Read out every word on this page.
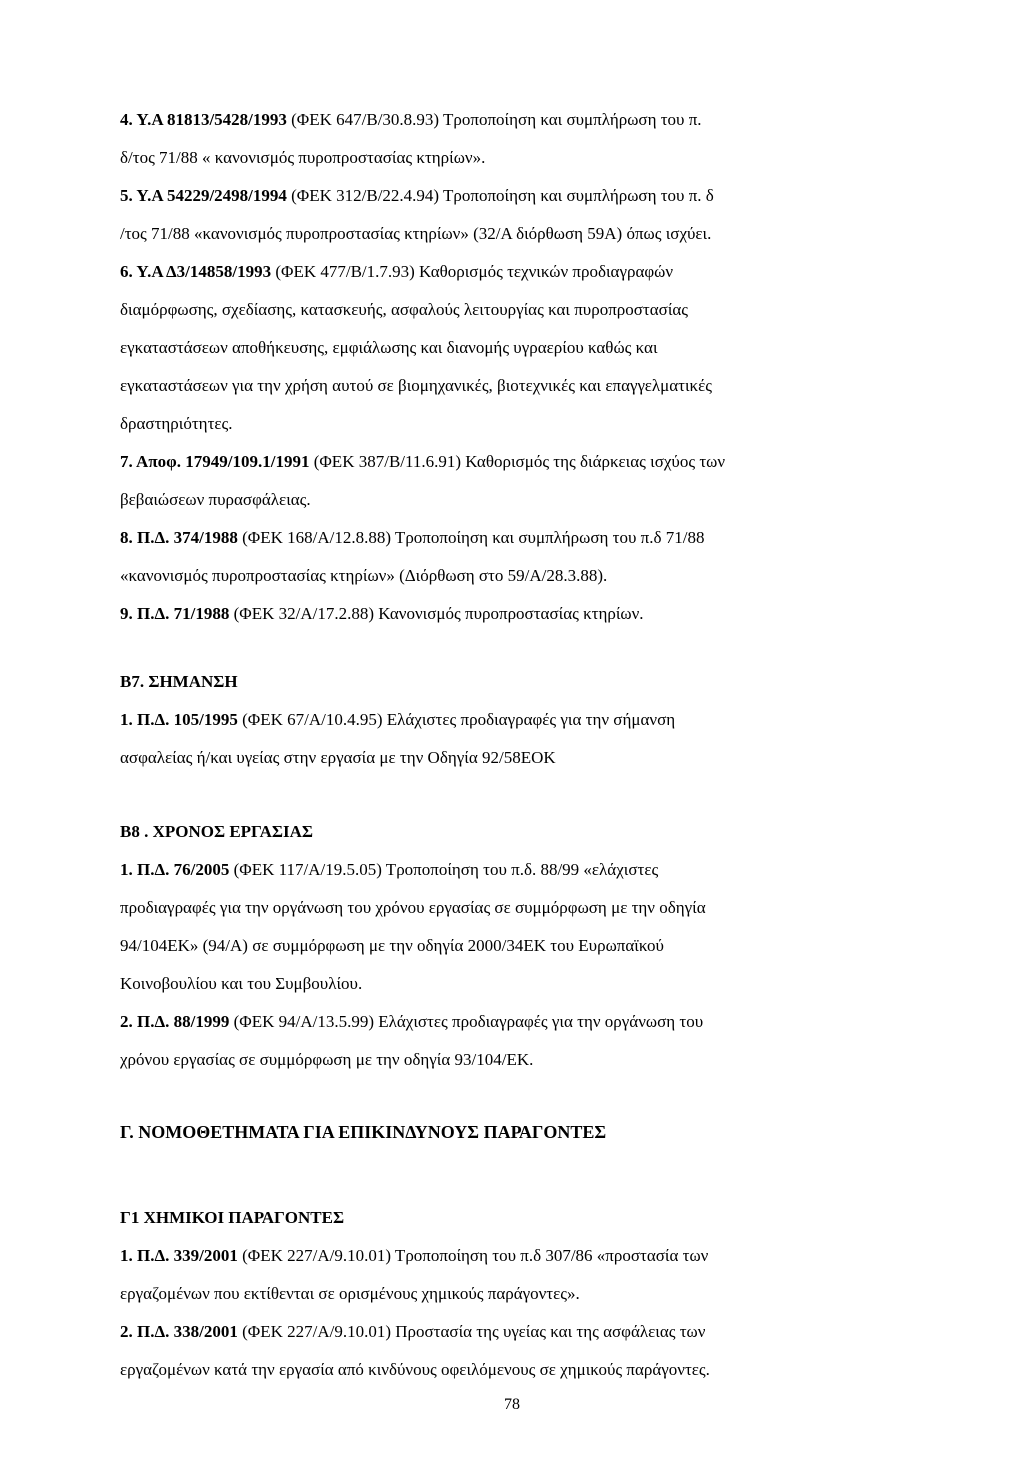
4. Υ.Α 81813/5428/1993 (ΦΕΚ 647/Β/30.8.93) Τροποποίηση και συμπλήρωση του π.
δ/τος 71/88 « κανονισμός πυροπροστασίας κτηρίων».
5. Υ.Α 54229/2498/1994 (ΦΕΚ 312/Β/22.4.94) Τροποποίηση και συμπλήρωση του π. δ
/τος 71/88 «κανονισμός πυροπροστασίας κτηρίων» (32/Α διόρθωση 59Α) όπως ισχύει.
6. Υ.Α Δ3/14858/1993 (ΦΕΚ 477/Β/1.7.93) Καθορισμός τεχνικών προδιαγραφών
διαμόρφωσης, σχεδίασης, κατασκευής, ασφαλούς λειτουργίας και πυροπροστασίας
εγκαταστάσεων αποθήκευσης, εμφιάλωσης και διανομής υγραερίου καθώς και
εγκαταστάσεων για την χρήση αυτού σε βιομηχανικές, βιοτεχνικές και επαγγελματικές
δραστηριότητες.
7. Αποφ. 17949/109.1/1991 (ΦΕΚ 387/Β/11.6.91) Καθορισμός της διάρκειας ισχύος των
βεβαιώσεων πυρασφάλειας.
8. Π.Δ. 374/1988 (ΦΕΚ 168/Α/12.8.88) Τροποποίηση και συμπλήρωση του π.δ 71/88
«κανονισμός πυροπροστασίας κτηρίων» (Διόρθωση στο 59/Α/28.3.88).
9. Π.Δ. 71/1988 (ΦΕΚ 32/Α/17.2.88) Κανονισμός πυροπροστασίας κτηρίων.
Β7. ΣΗΜΑΝΣΗ
1. Π.Δ. 105/1995 (ΦΕΚ 67/Α/10.4.95) Ελάχιστες προδιαγραφές για την σήμανση
ασφαλείας ή/και υγείας στην εργασία με την Οδηγία 92/58ΕΟΚ
Β8 . ΧΡΟΝΟΣ ΕΡΓΑΣΙΑΣ
1. Π.Δ. 76/2005 (ΦΕΚ 117/Α/19.5.05) Τροποποίηση του π.δ. 88/99 «ελάχιστες
προδιαγραφές για την οργάνωση του χρόνου εργασίας σε συμμόρφωση με την οδηγία
94/104ΕΚ» (94/Α) σε συμμόρφωση με την οδηγία 2000/34ΕΚ του Ευρωπαϊκού
Κοινοβουλίου και του Συμβουλίου.
2. Π.Δ. 88/1999 (ΦΕΚ 94/Α/13.5.99) Ελάχιστες προδιαγραφές για την οργάνωση του
χρόνου εργασίας σε συμμόρφωση με την οδηγία 93/104/ΕΚ.
Γ. ΝΟΜΟΘΕΤΗΜΑΤΑ ΓΙΑ ΕΠΙΚΙΝΔΥΝΟΥΣ ΠΑΡΑΓΟΝΤΕΣ
Γ1 ΧΗΜΙΚΟΙ ΠΑΡΑΓΟΝΤΕΣ
1. Π.Δ. 339/2001 (ΦΕΚ 227/Α/9.10.01) Τροποποίηση του π.δ 307/86 «προστασία των
εργαζομένων που εκτίθενται σε ορισμένους χημικούς παράγοντες».
2. Π.Δ. 338/2001 (ΦΕΚ 227/Α/9.10.01) Προστασία της υγείας και της ασφάλειας των
εργαζομένων κατά την εργασία από κινδύνους οφειλόμενους σε χημικούς παράγοντες.
78
